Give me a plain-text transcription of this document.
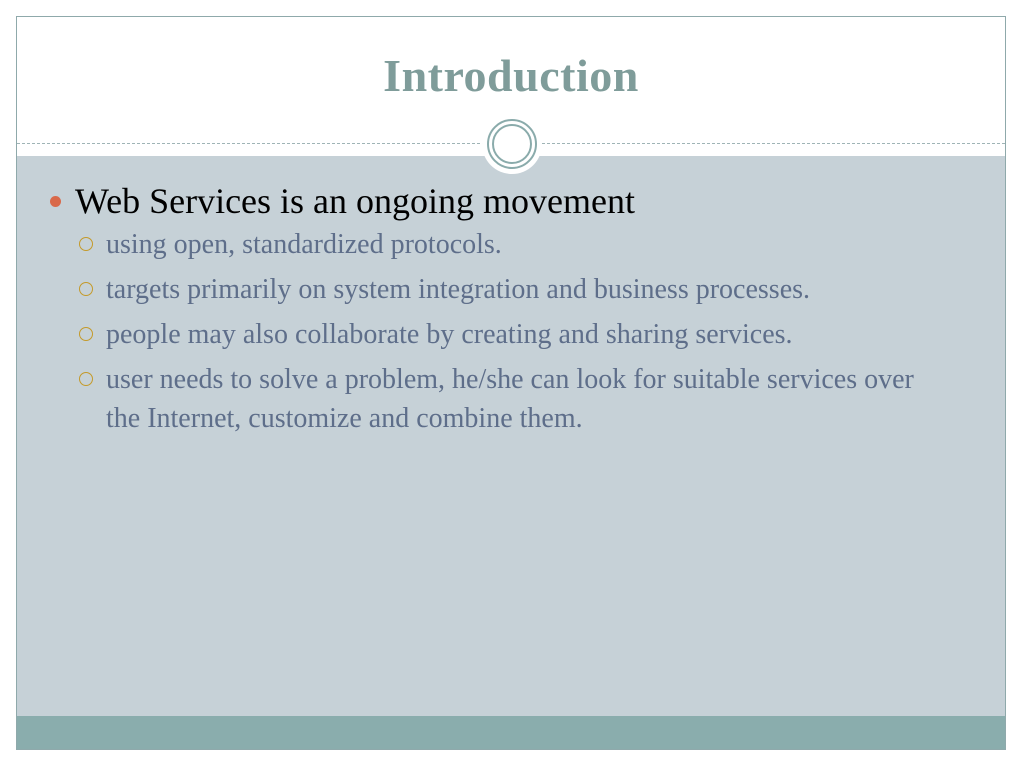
Introduction
Web Services is an ongoing movement
using open, standardized protocols.
targets primarily on system integration and business processes.
people may also collaborate by creating and sharing services.
user needs to solve a problem, he/she can look for suitable services over the Internet, customize and combine them.
